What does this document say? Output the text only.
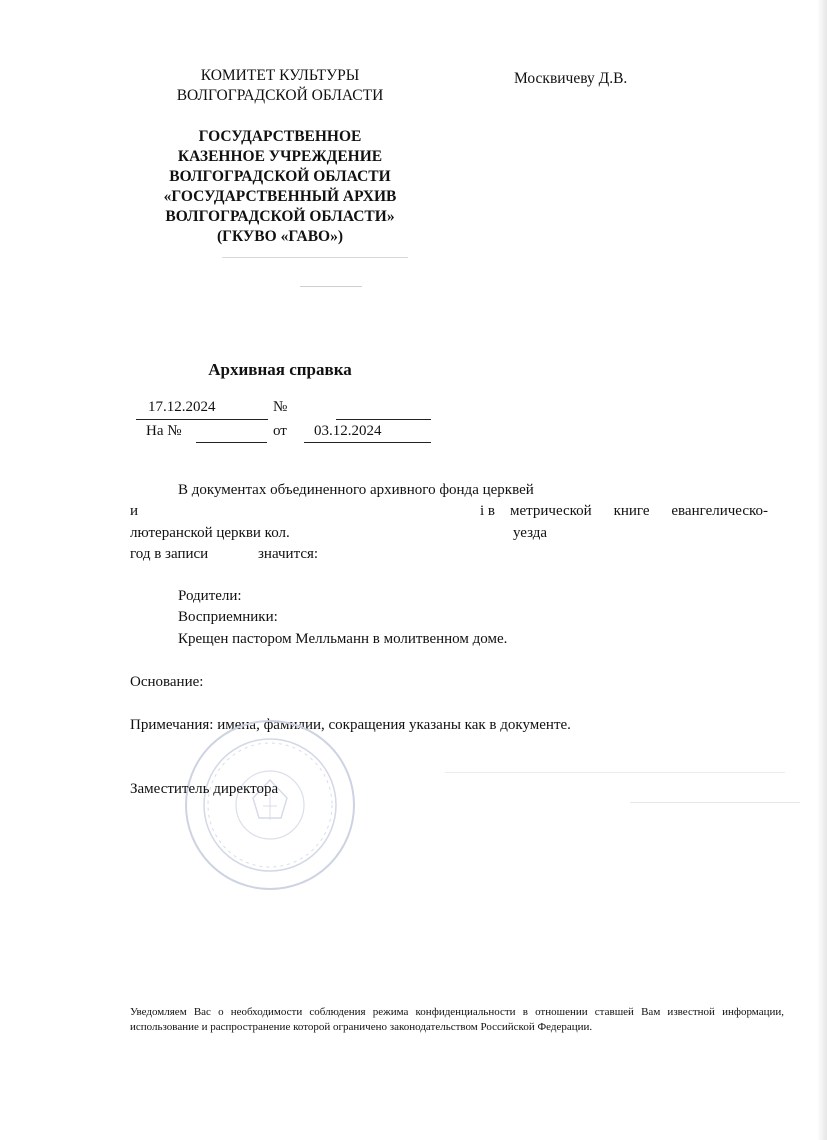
КОМИТЕТ КУЛЬТУРЫ
ВОЛГОГРАДСКОЙ ОБЛАСТИ
Москвичеву Д.В.
ГОСУДАРСТВЕННОЕ
КАЗЕННОЕ УЧРЕЖДЕНИЕ
ВОЛГОГРАДСКОЙ ОБЛАСТИ
«ГОСУДАРСТВЕННЫЙ АРХИВ
ВОЛГОГРАДСКОЙ ОБЛАСТИ»
(ГКУВО «ГАВО»)
Архивная справка
17.12.2024	№
На №	от 03.12.2024
В документах объединенного архивного фонда церквей
и	і в метрической книге евангелическо-
лютеранской церкви кол.	уезда
год в записи	значится:
Родители:
Восприемники:
Крещен пастором Мелльманн в молитвенном доме.
Основание:
Примечания: имена, фамилии, сокращения указаны как в документе.
Заместитель директора
Уведомляем Вас о необходимости соблюдения режима конфиденциальности в отношении ставшей Вам известной информации, использование и распространение которой ограничено законодательством Российской Федерации.
